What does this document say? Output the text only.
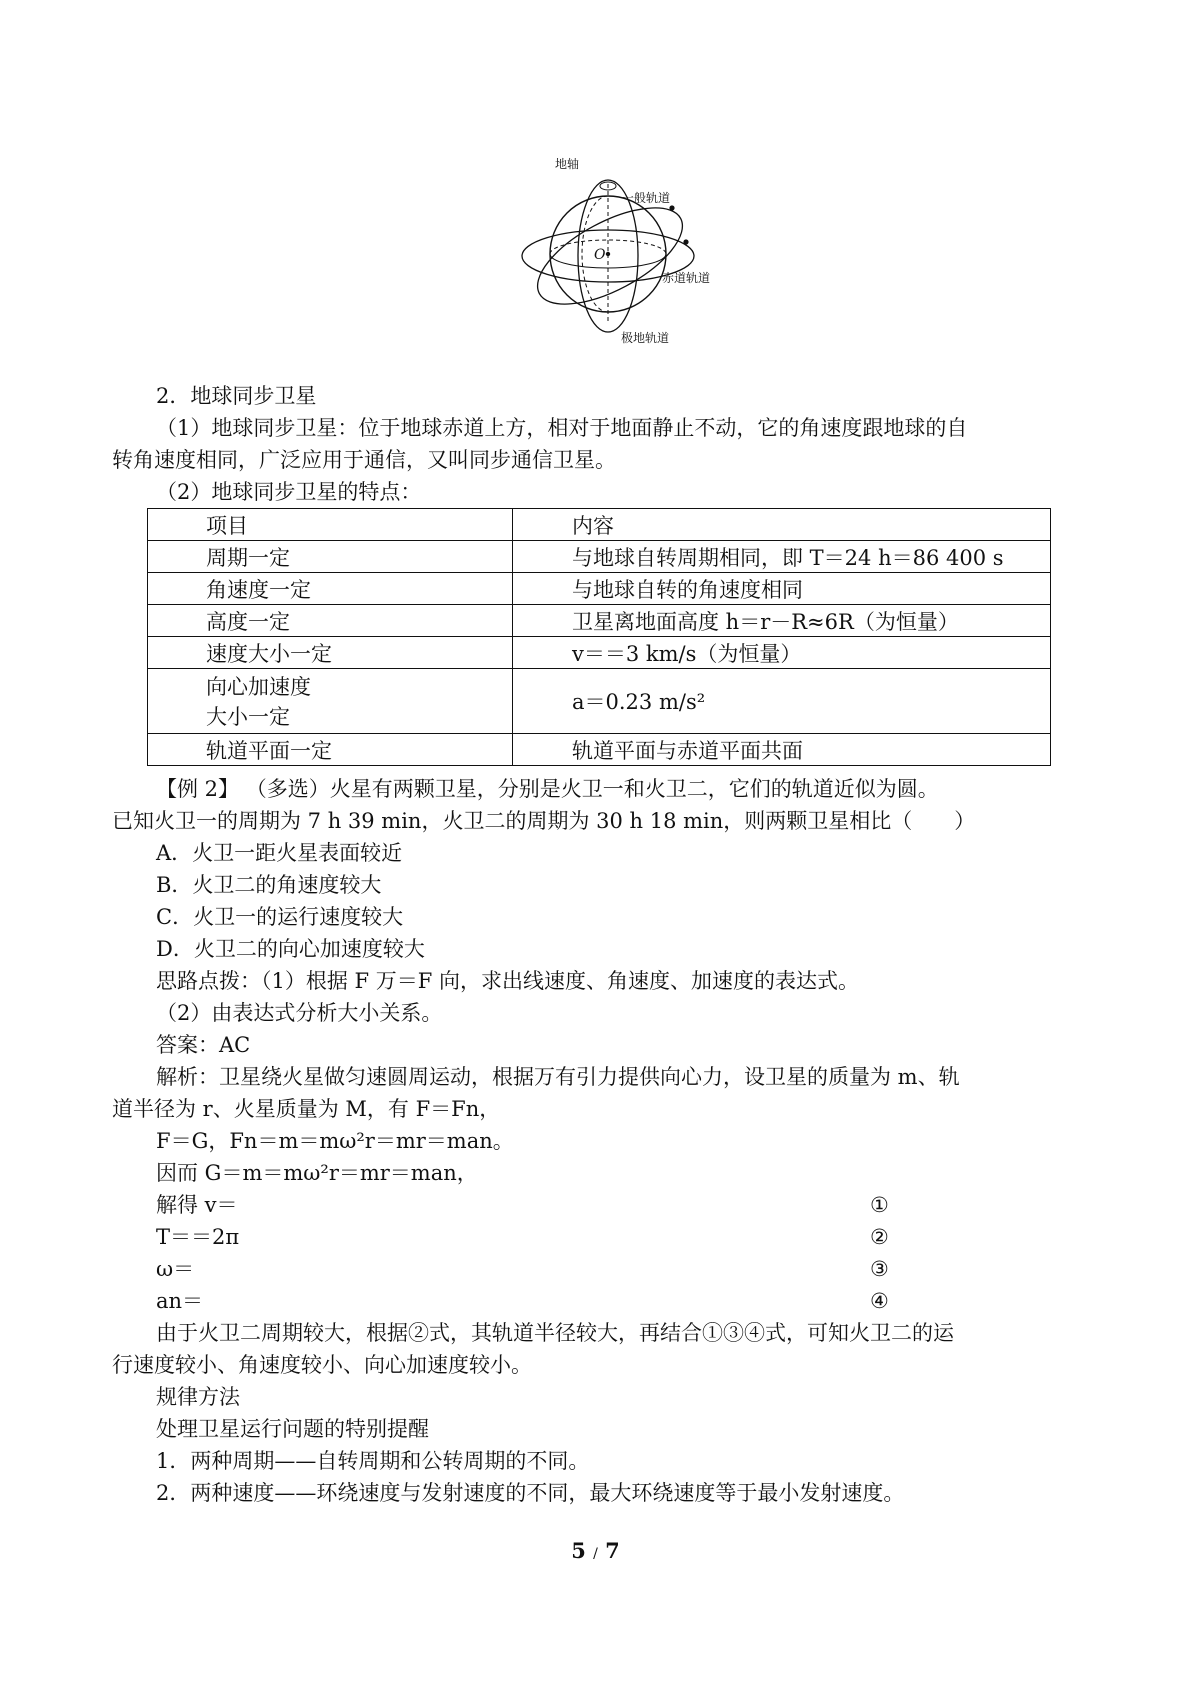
地轴
一般轨道
O
赤道轨道
极地轨道
2．地球同步卫星
（1）地球同步卫星：位于地球赤道上方，相对于地面静止不动，它的角速度跟地球的自
转角速度相同，广泛应用于通信，又叫同步通信卫星。
（2）地球同步卫星的特点：
项目	内容
周期一定	与地球自转周期相同，即 T＝24 h＝86 400 s
角速度一定	与地球自转的角速度相同
高度一定	卫星离地面高度 h＝r－R≈6R（为恒量）
速度大小一定	v＝＝3 km/s（为恒量）

向心加速度
大小一定	a＝0.23 m/s²
轨道平面一定	轨道平面与赤道平面共面
【例 2】 （多选）火星有两颗卫星，分别是火卫一和火卫二，它们的轨道近似为圆。
已知火卫一的周期为 7 h 39 min，火卫二的周期为 30 h 18 min，则两颗卫星相比（　　）
A．火卫一距火星表面较近
B．火卫二的角速度较大
C．火卫一的运行速度较大
D．火卫二的向心加速度较大
思路点拨：（1）根据 F 万＝F 向，求出线速度、角速度、加速度的表达式。
（2）由表达式分析大小关系。
答案：AC
解析：卫星绕火星做匀速圆周运动，根据万有引力提供向心力，设卫星的质量为 m、轨
道半径为 r、火星质量为 M，有 F＝Fn，
F＝G，Fn＝m＝mω²r＝mr＝man。
因而 G＝m＝mω²r＝mr＝man，
解得 v＝	①
T＝＝2π	②
ω＝	③
an＝	④
由于火卫二周期较大，根据②式，其轨道半径较大，再结合①③④式，可知火卫二的运
行速度较小、角速度较小、向心加速度较小。
规律方法
处理卫星运行问题的特别提醒
1．两种周期——自转周期和公转周期的不同。
2．两种速度——环绕速度与发射速度的不同，最大环绕速度等于最小发射速度。
5 / 7
